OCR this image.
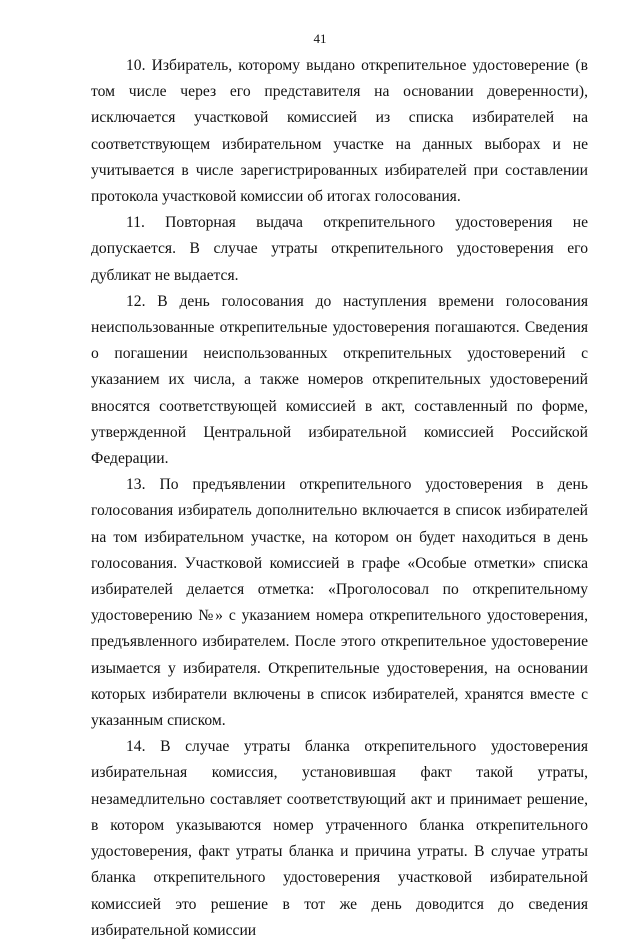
41

10. Избиратель, которому выдано открепительное удостоверение (в том числе через его представителя на основании доверенности), исключается участковой комиссией из списка избирателей на соответствующем избирательном участке на данных выборах и не учитывается в числе зарегистрированных избирателей при составлении протокола участковой комиссии об итогах голосования.

11. Повторная выдача открепительного удостоверения не допускается. В случае утраты открепительного удостоверения его дубликат не выдается.

12. В день голосования до наступления времени голосования неиспользованные открепительные удостоверения погашаются. Сведения о погашении неиспользованных открепительных удостоверений с указанием их числа, а также номеров открепительных удостоверений вносятся соответствующей комиссией в акт, составленный по форме, утвержденной Центральной избирательной комиссией Российской Федерации.

13. По предъявлении открепительного удостоверения в день голосования избиратель дополнительно включается в список избирателей на том избирательном участке, на котором он будет находиться в день голосования. Участковой комиссией в графе «Особые отметки» списка избирателей делается отметка: «Проголосовал по открепительному удостоверению №» с указанием номера открепительного удостоверения, предъявленного избирателем. После этого открепительное удостоверение изымается у избирателя. Открепительные удостоверения, на основании которых избиратели включены в список избирателей, хранятся вместе с указанным списком.

14. В случае утраты бланка открепительного удостоверения избирательная комиссия, установившая факт такой утраты, незамедлительно составляет соответствующий акт и принимает решение, в котором указываются номер утраченного бланка открепительного удостоверения, факт утраты бланка и причина утраты. В случае утраты бланка открепительного удостоверения участковой избирательной комиссией это решение в тот же день доводится до сведения избирательной комиссии
